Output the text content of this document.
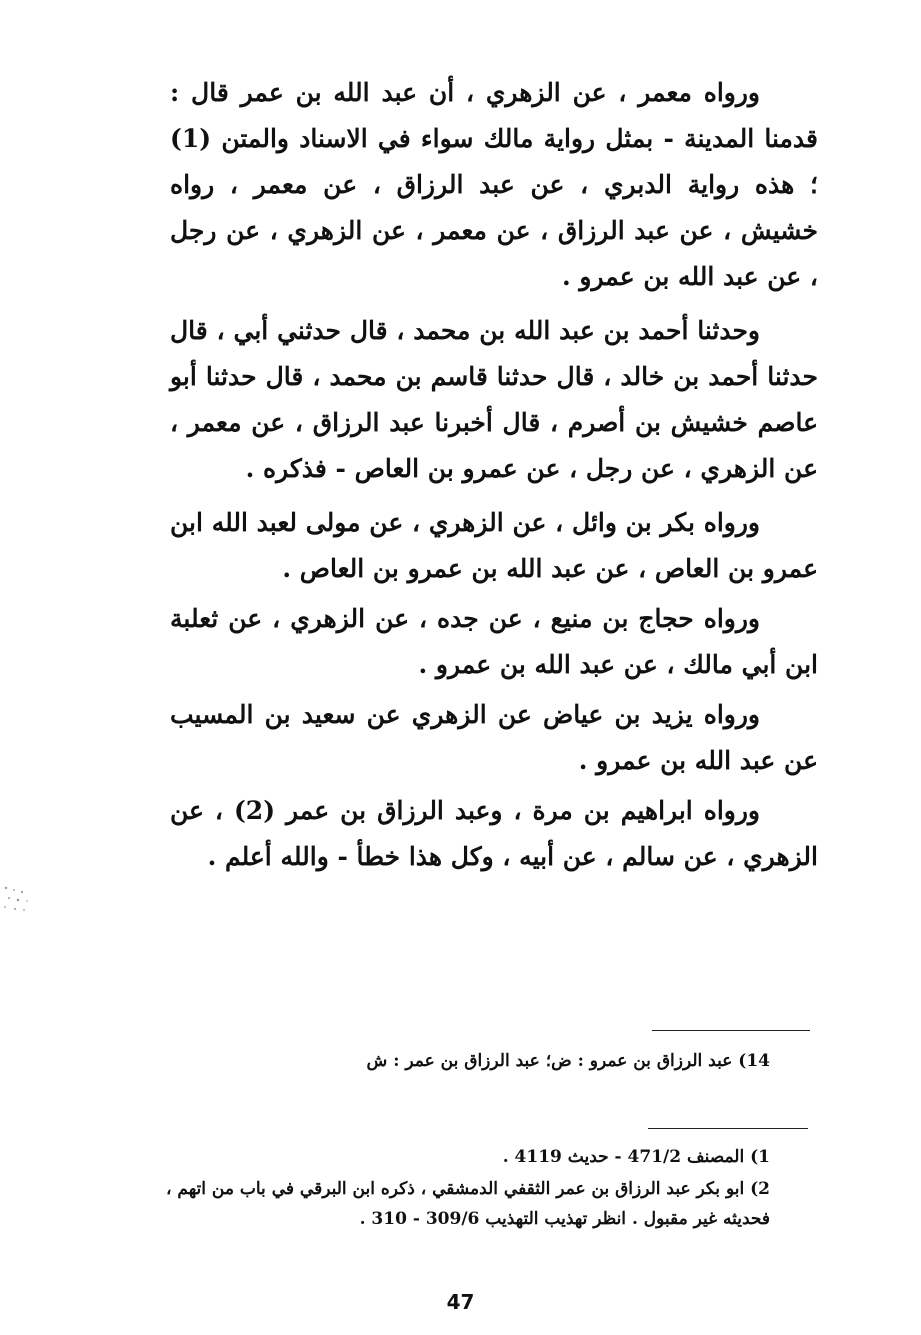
ورواه معمر ، عن الزهري ، أن عبد الله بن عمر قال : قدمنا المدينة - بمثل رواية مالك سواء في الاسناد والمتن (1) ؛ هذه رواية الدبري ، عن عبد الرزاق ، عن معمر ، رواه خشيش ، عن عبد الرزاق ، عن معمر ، عن الزهري ، عن رجل ، عن عبد الله بن عمرو .

وحدثنا أحمد بن عبد الله بن محمد ، قال حدثني أبي ، قال حدثنا أحمد بن خالد ، قال حدثنا قاسم بن محمد ، قال حدثنا أبو عاصم خشيش بن أصرم ، قال أخبرنا عبد الرزاق ، عن معمر ، عن الزهري ، عن رجل ، عن عمرو بن العاص - فذكره .

ورواه بكر بن وائل ، عن الزهري ، عن مولى لعبد الله ابن عمرو بن العاص ، عن عبد الله بن عمرو بن العاص .

ورواه حجاج بن منيع ، عن جده ، عن الزهري ، عن ثعلبة ابن أبي مالك ، عن عبد الله بن عمرو .

ورواه يزيد بن عياض عن الزهري عن سعيد بن المسيب عن عبد الله بن عمرو .

ورواه ابراهيم بن مرة ، وعبد الرزاق بن عمر (2) ، عن الزهري ، عن سالم ، عن أبيه ، وكل هذا خطأ - والله أعلم .

14) عبد الرزاق بن عمرو : ض؛ عبد الرزاق بن عمر : ش
1) المصنف 471/2 - حديث 4119 .
2) ابو بكر عبد الرزاق بن عمر الثقفي الدمشقي ، ذكره ابن البرقي في باب من اتهم ، فحديثه غير مقبول . انظر تهذيب التهذيب 309/6 - 310 .
47
